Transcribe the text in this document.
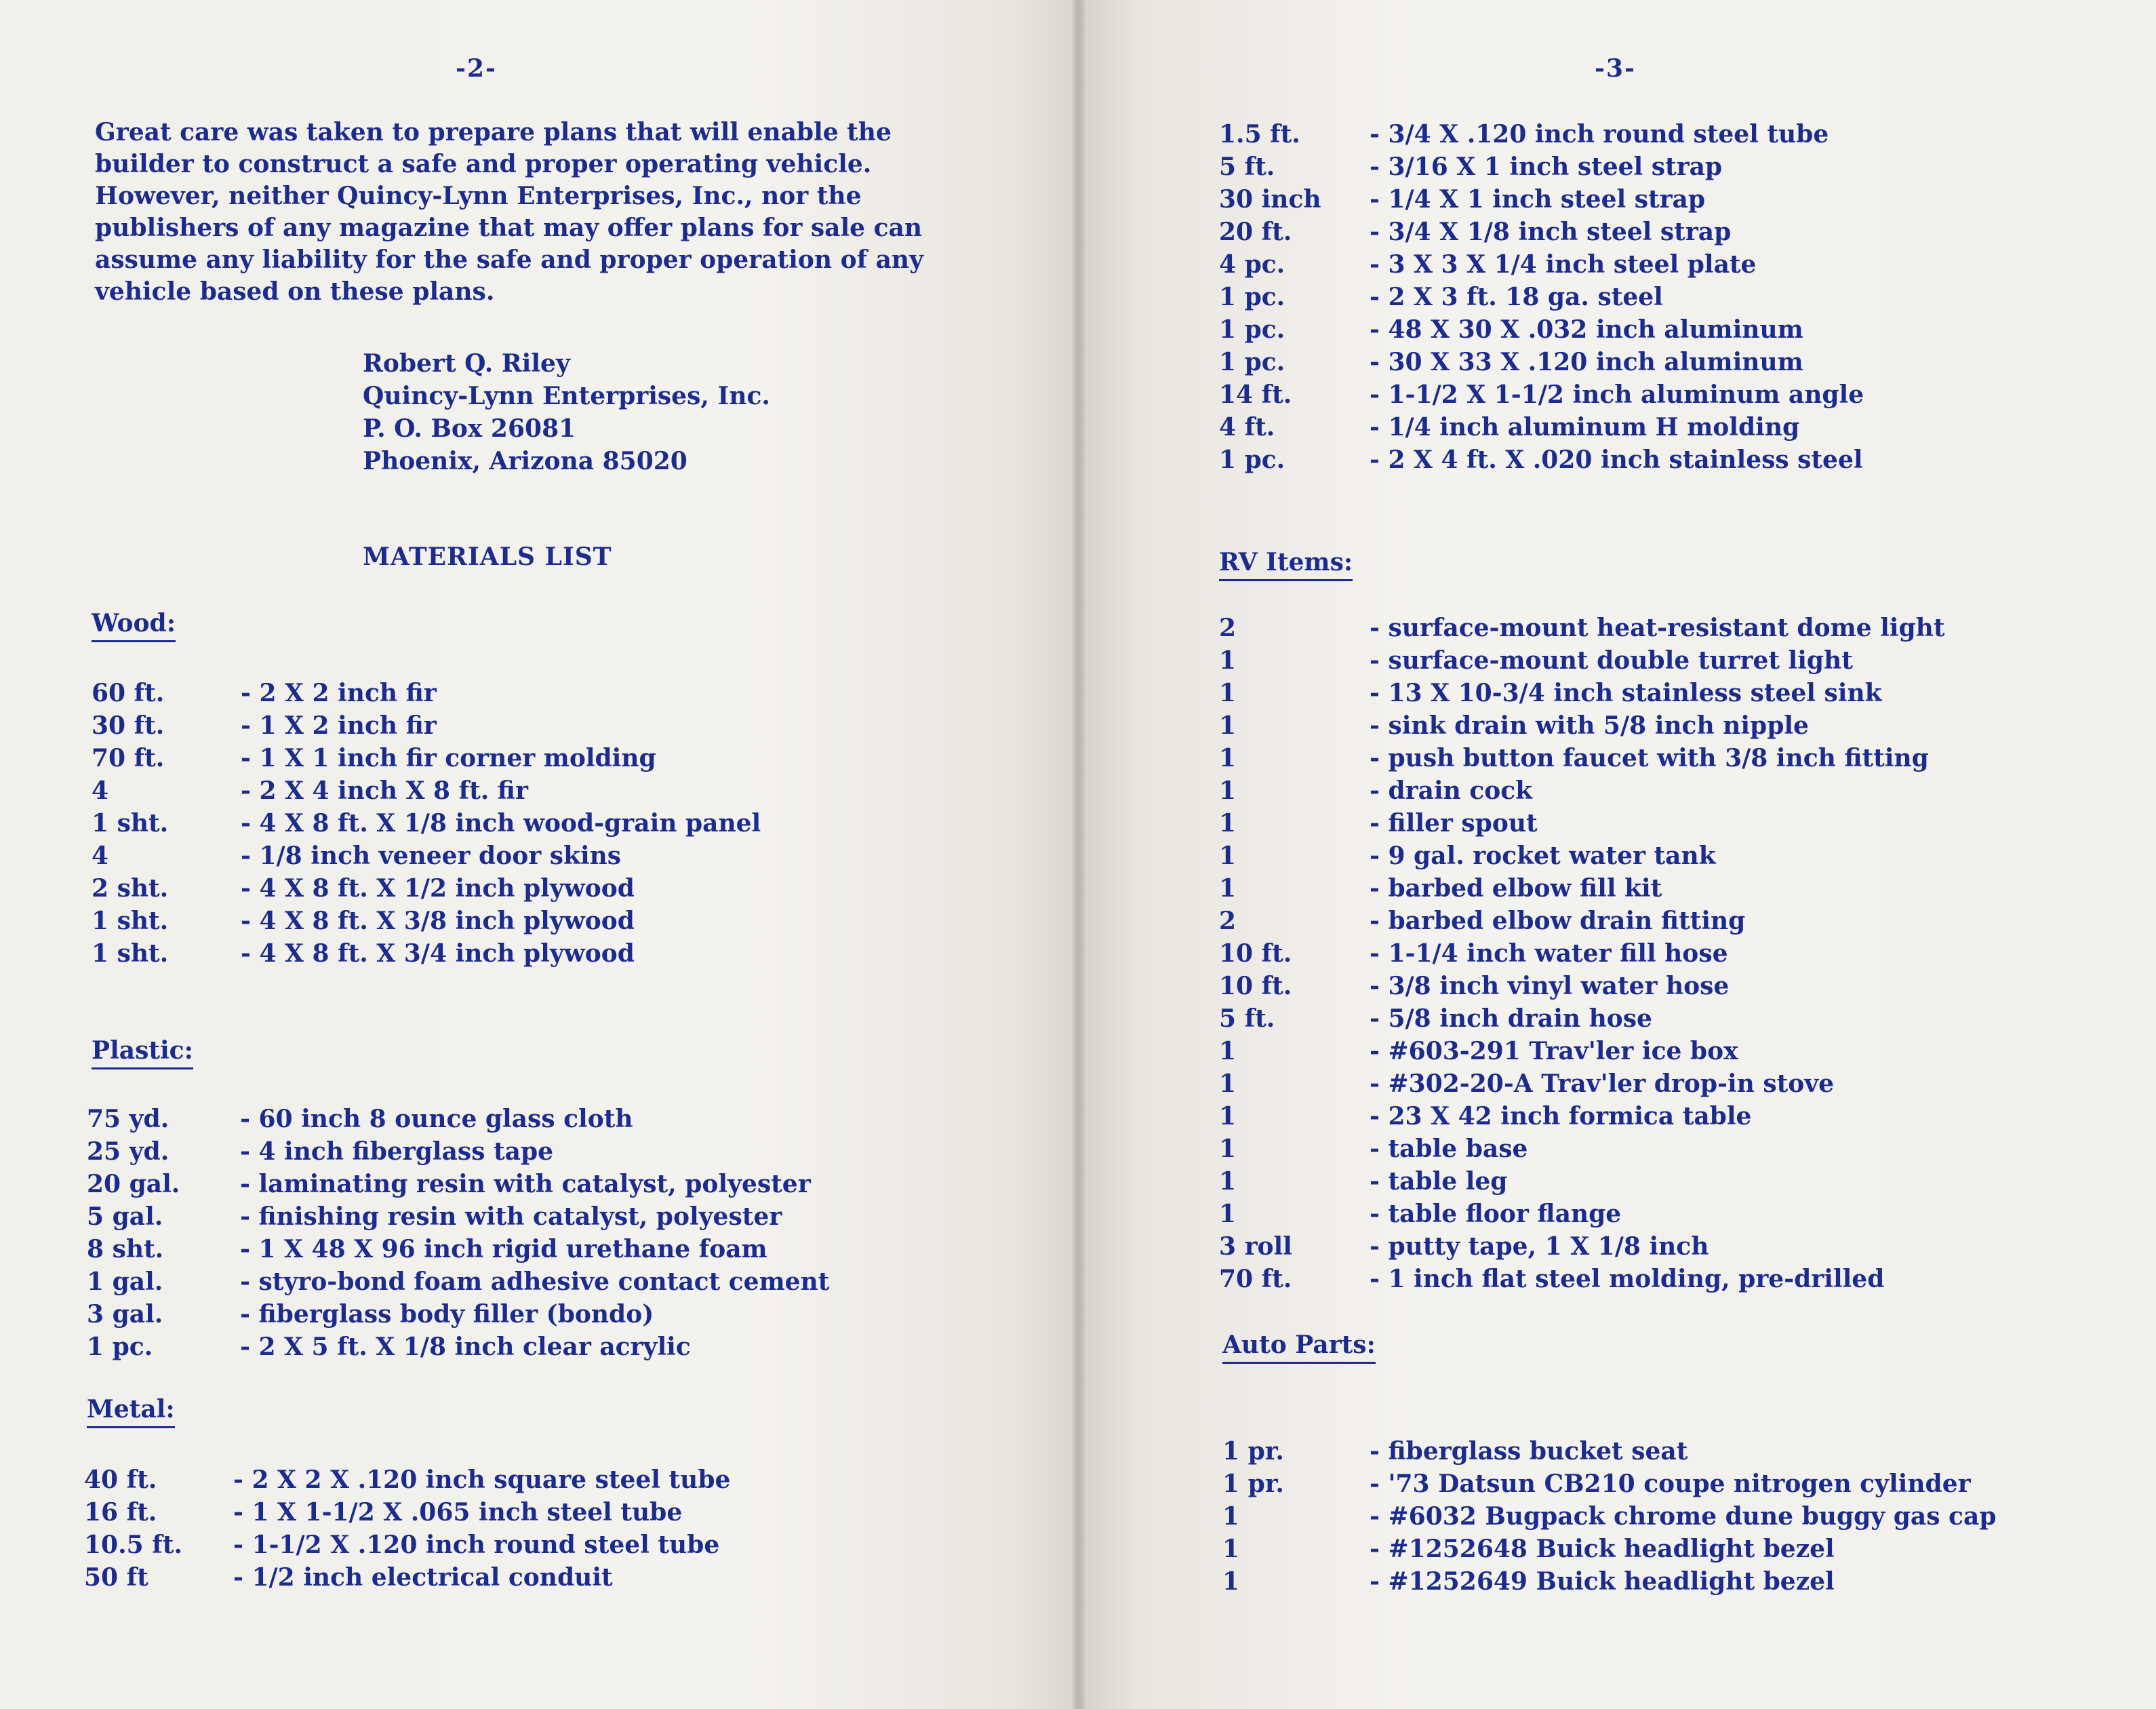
-2-
Great care was taken to prepare plans that will enable the
builder to construct a safe and proper operating vehicle.
However, neither Quincy-Lynn Enterprises, Inc., nor the
publishers of any magazine that may offer plans for sale can
assume any liability for the safe and proper operation of any
vehicle based on these plans.
Robert Q. Riley
Quincy-Lynn Enterprises, Inc.
P. O. Box 26081
Phoenix, Arizona 85020
MATERIALS LIST
Wood:
60 ft.	- 2 X 2 inch fir
30 ft.	- 1 X 2 inch fir
70 ft.	- 1 X 1 inch fir corner molding
4	- 2 X 4 inch X 8 ft. fir
1 sht.	- 4 X 8 ft. X 1/8 inch wood-grain panel
4	- 1/8 inch veneer door skins
2 sht.	- 4 X 8 ft. X 1/2 inch plywood
1 sht.	- 4 X 8 ft. X 3/8 inch plywood
1 sht.	- 4 X 8 ft. X 3/4 inch plywood
Plastic:
75 yd.	- 60 inch 8 ounce glass cloth
25 yd.	- 4 inch fiberglass tape
20 gal. - laminating resin with catalyst, polyester
5 gal.	- finishing resin with catalyst, polyester
8 sht.	- 1 X 48 X 96 inch rigid urethane foam
1 gal.	- styro-bond foam adhesive contact cement
3 gal.	- fiberglass body filler (bondo)
1 pc.	- 2 X 5 ft. X 1/8 inch clear acrylic
Metal:
40 ft.	- 2 X 2 X .120 inch square steel tube
16 ft.	- 1 X 1-1/2 X .065 inch steel tube
10.5 ft. - 1-1/2 X .120 inch round steel tube
50 ft	- 1/2 inch electrical conduit
-3-
1.5 ft.	- 3/4 X .120 inch round steel tube
5 ft.	- 3/16 X 1 inch steel strap
30 inch - 1/4 X 1 inch steel strap
20 ft.	- 3/4 X 1/8 inch steel strap
4 pc.	- 3 X 3 X 1/4 inch steel plate
1 pc.	- 2 X 3 ft. 18 ga. steel
1 pc.	- 48 X 30 X .032 inch aluminum
1 pc.	- 30 X 33 X .120 inch aluminum
14 ft.	- 1-1/2 X 1-1/2 inch aluminum angle
4 ft.	- 1/4 inch aluminum H molding
1 pc.	- 2 X 4 ft. X .020 inch stainless steel
RV Items:
2	- surface-mount heat-resistant dome light
1	- surface-mount double turret light
1	- 13 X 10-3/4 inch stainless steel sink
1	- sink drain with 5/8 inch nipple
1	- push button faucet with 3/8 inch fitting
1	- drain cock
1	- filler spout
1	- 9 gal. rocket water tank
1	- barbed elbow fill kit
2	- barbed elbow drain fitting
10 ft.	- 1-1/4 inch water fill hose
10 ft.	- 3/8 inch vinyl water hose
5 ft.	- 5/8 inch drain hose
1	- #603-291 Trav'ler ice box
1	- #302-20-A Trav'ler drop-in stove
1	- 23 X 42 inch formica table
1	- table base
1	- table leg
1	- table floor flange
3 roll	- putty tape, 1 X 1/8 inch
70 ft.	- 1 inch flat steel molding, pre-drilled
Auto Parts:
1 pr.	- fiberglass bucket seat
1 pr.	- '73 Datsun CB210 coupe nitrogen cylinder
1	- #6032 Bugpack chrome dune buggy gas cap
1	- #1252648 Buick headlight bezel
1	- #1252649 Buick headlight bezel
